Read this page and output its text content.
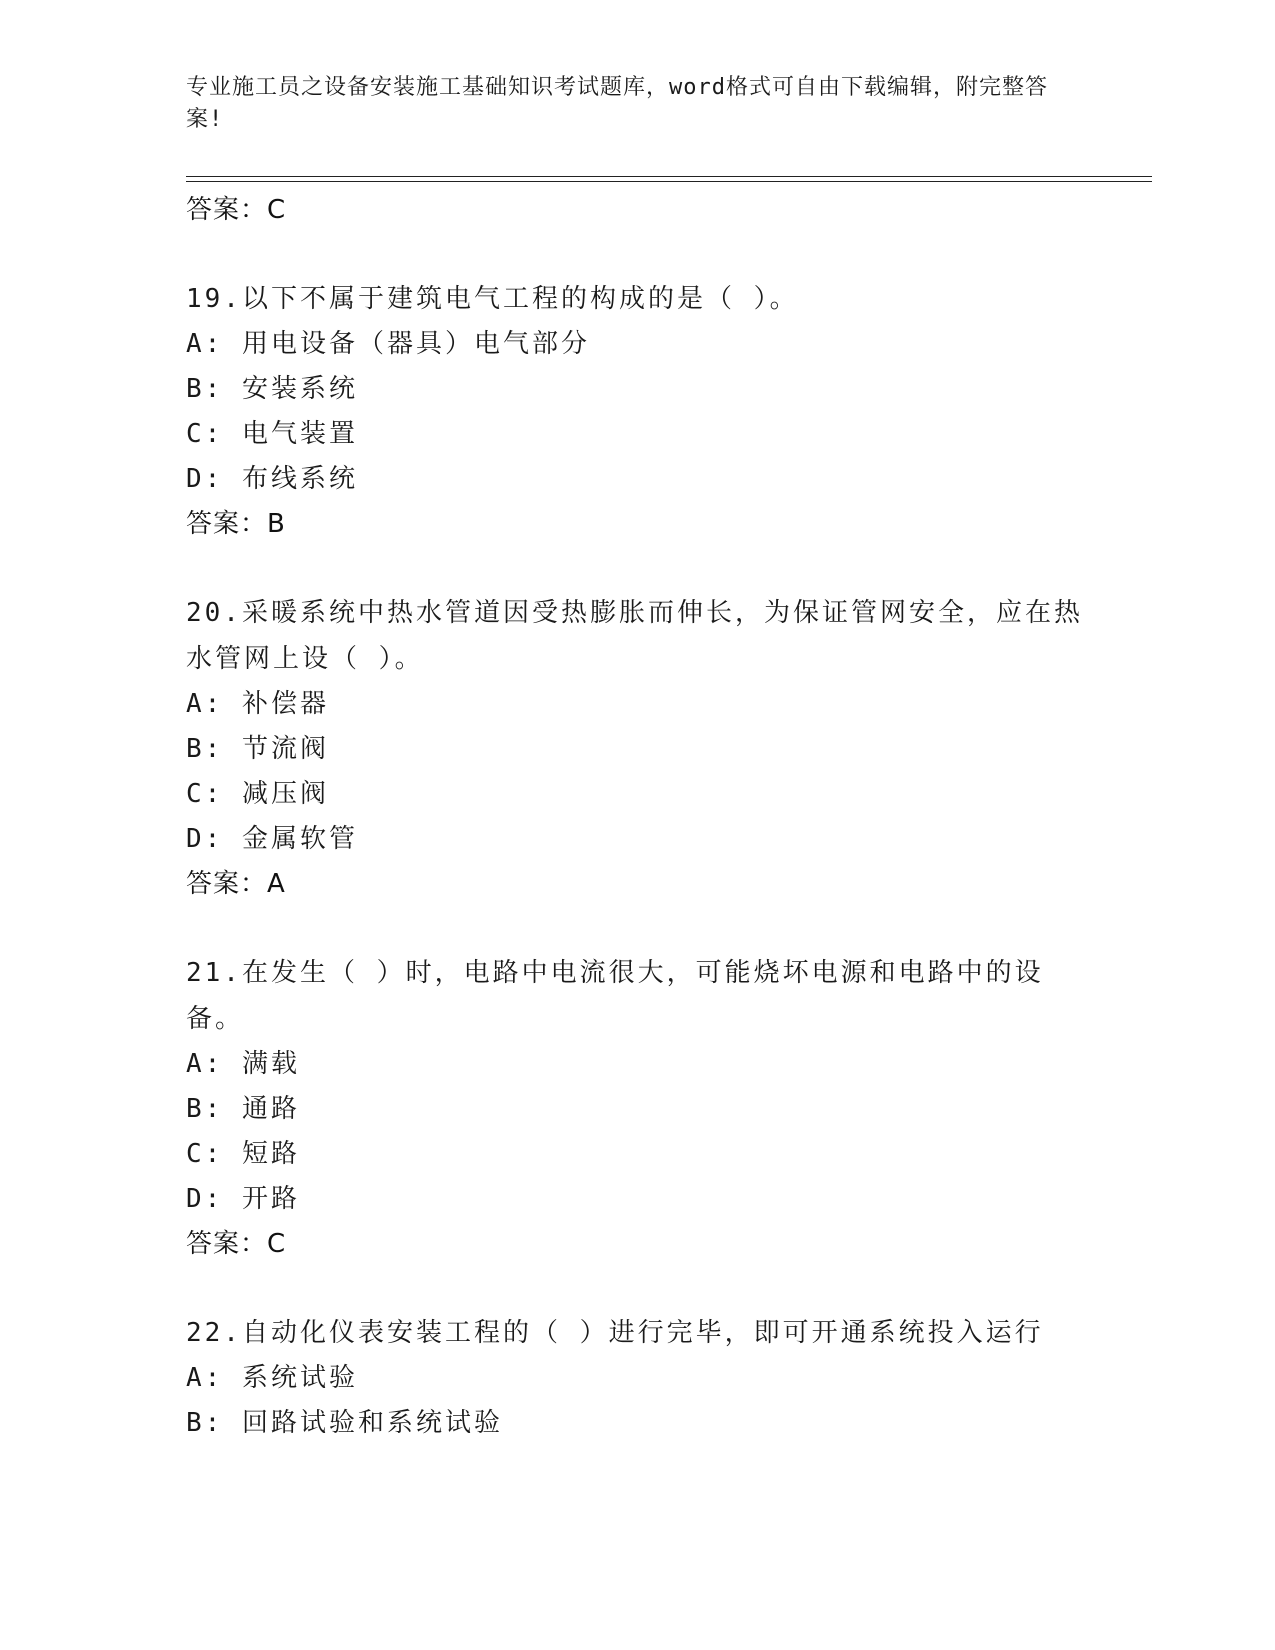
专业施工员之设备安装施工基础知识考试题库，word格式可自由下载编辑，附完整答案!
答案：C
19.以下不属于建筑电气工程的构成的是（ ）。
A: 用电设备（器具）电气部分
B: 安装系统
C: 电气装置
D: 布线系统
答案：B
20.采暖系统中热水管道因受热膨胀而伸长，为保证管网安全，应在热水管网上设（ ）。
A: 补偿器
B: 节流阀
C: 减压阀
D: 金属软管
答案：A
21.在发生（ ）时，电路中电流很大，可能烧坏电源和电路中的设备。
A: 满载
B: 通路
C: 短路
D: 开路
答案：C
22.自动化仪表安装工程的（ ）进行完毕，即可开通系统投入运行
A: 系统试验
B: 回路试验和系统试验
